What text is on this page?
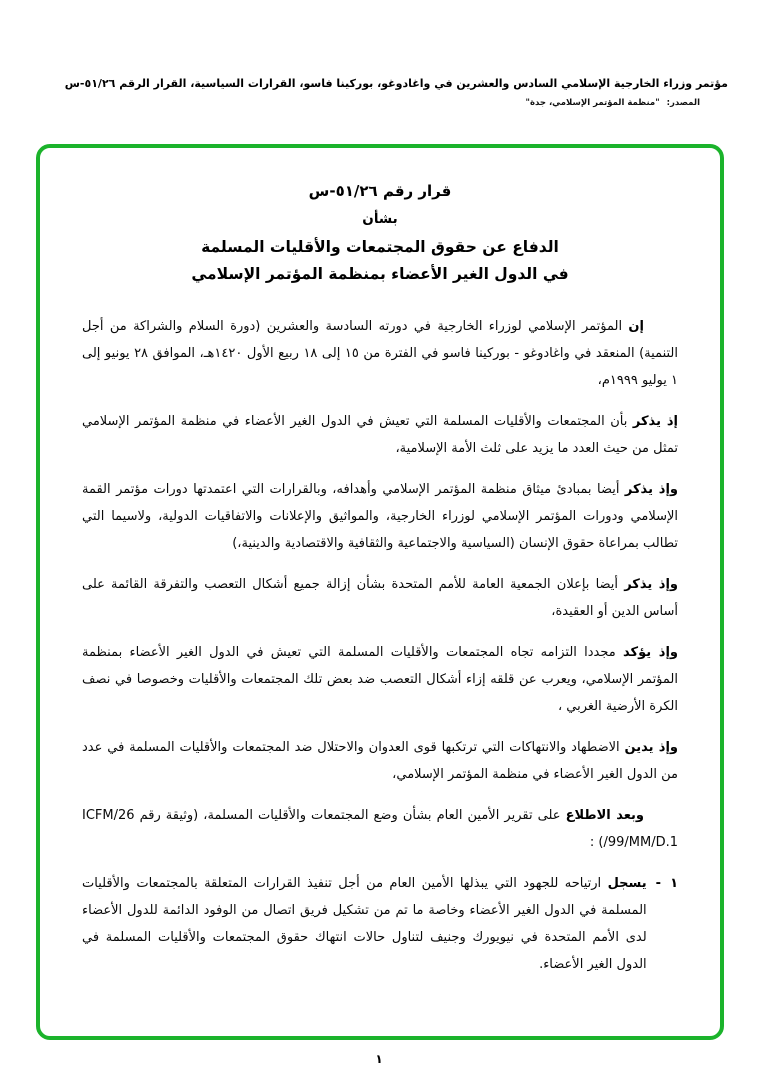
مؤتمر وزراء الخارجية الإسلامي السادس والعشرين في واغادوغو، بوركينا فاسو، القرارات السياسية، القرار الرقم ٥١/٢٦-س
المصدر: "منظمة المؤتمر الإسلامي، جدة"
قرار رقم ٥١/٢٦-س
بشأن
الدفاع عن حقوق المجتمعات والأقليات المسلمة
في الدول الغير الأعضاء بمنظمة المؤتمر الإسلامي

إن المؤتمر الإسلامي لوزراء الخارجية في دورته السادسة والعشرين (دورة السلام والشراكة من أجل التنمية) المنعقد في واغادوغو - بوركينا فاسو في الفترة من ١٥ إلى ١٨ ربيع الأول ١٤٢٠هـ، الموافق ٢٨ يونيو إلى ١ يوليو ١٩٩٩م،

إذ يذكر بأن المجتمعات والأقليات المسلمة التي تعيش في الدول الغير الأعضاء في منظمة المؤتمر الإسلامي تمثل من حيث العدد ما يزيد على ثلث الأمة الإسلامية،

وإذ يذكر أيضا بمبادئ ميثاق منظمة المؤتمر الإسلامي وأهدافه، وبالقرارات التي اعتمدتها دورات مؤتمر القمة الإسلامي ودورات المؤتمر الإسلامي لوزراء الخارجية، والمواثيق والإعلانات والاتفاقيات الدولية، ولاسيما التي تطالب بمراعاة حقوق الإنسان (السياسية والاجتماعية والثقافية والاقتصادية والدينية،)

وإذ يذكر أيضا بإعلان الجمعية العامة للأمم المتحدة بشأن إزالة جميع أشكال التعصب والتفرقة القائمة على أساس الدين أو العقيدة،

وإذ يؤكد مجددا التزامه تجاه المجتمعات والأقليات المسلمة التي تعيش في الدول الغير الأعضاء بمنظمة المؤتمر الإسلامي، ويعرب عن قلقه إزاء أشكال التعصب ضد بعض تلك المجتمعات والأقليات وخصوصا في نصف الكرة الأرضية الغربي ،

وإذ يدين الاضطهاد والانتهاكات التي ترتكبها قوى العدوان والاحتلال ضد المجتمعات والأقليات المسلمة في عدد من الدول الغير الأعضاء في منظمة المؤتمر الإسلامي،

وبعد الاطلاع على تقرير الأمين العام بشأن وضع المجتمعات والأقليات المسلمة، (وثيقة رقم ICFM/26 /99/MM/D.1) :

١
-

يسجل ارتياحه للجهود التي يبذلها الأمين العام من أجل تنفيذ القرارات المتعلقة بالمجتمعات والأقليات المسلمة في الدول الغير الأعضاء وخاصة ما تم من تشكيل فريق اتصال من الوفود الدائمة للدول الأعضاء لدى الأمم المتحدة في نيويورك وجنيف لتناول حالات انتهاك حقوق المجتمعات والأقليات المسلمة في الدول الغير الأعضاء.

١
